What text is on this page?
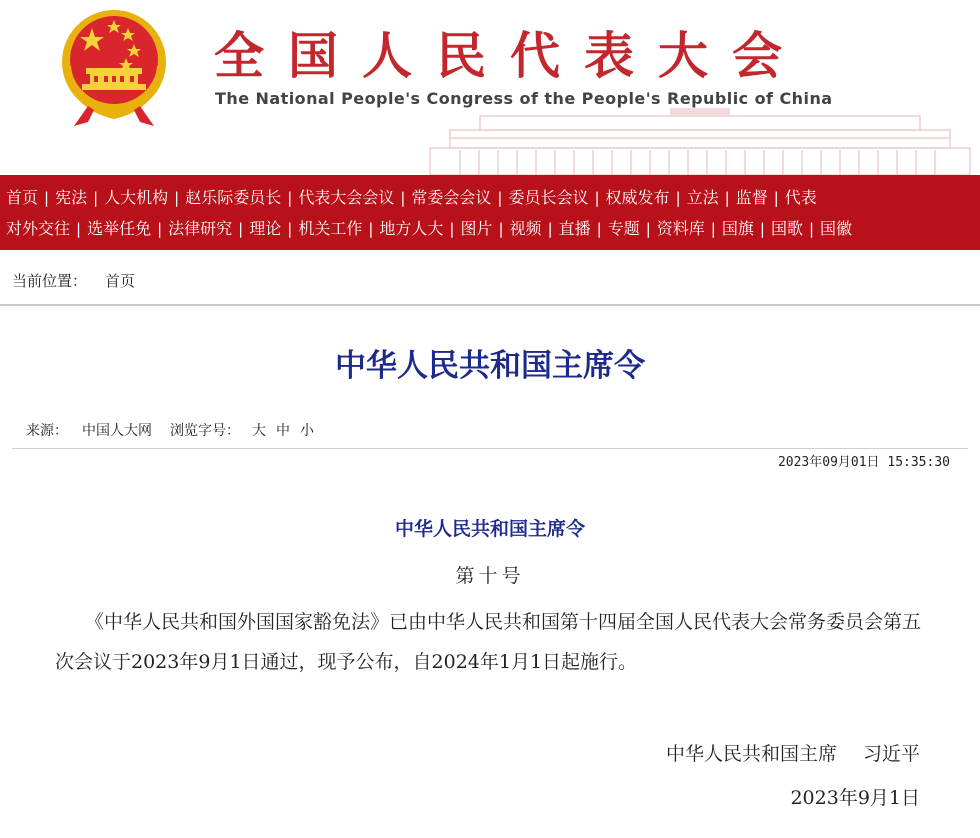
全国人民代表大会
The National People's Congress of the People's Republic of China
首页 | 宪法 | 人大机构 | 赵乐际委员长 | 代表大会会议 | 常委会会议 | 委员长会议 | 权威发布 | 立法 | 监督 | 代表
对外交往 | 选举任免 | 法律研究 | 理论 | 机关工作 | 地方人大 | 图片 | 视频 | 直播 | 专题 | 资料库 | 国旗 | 国歌 | 国徽
当前位置： 首页
中华人民共和国主席令
来源： 中国人大网 浏览字号： 大 中 小
2023年09月01日 15:35:30
中华人民共和国主席令
第十号

《中华人民共和国外国国家豁免法》已由中华人民共和国第十四届全国人民代表大会常务委员会第五次会议于2023年9月1日通过，现予公布，自2024年1月1日起施行。

中华人民共和国主席 习近平
2023年9月1日
